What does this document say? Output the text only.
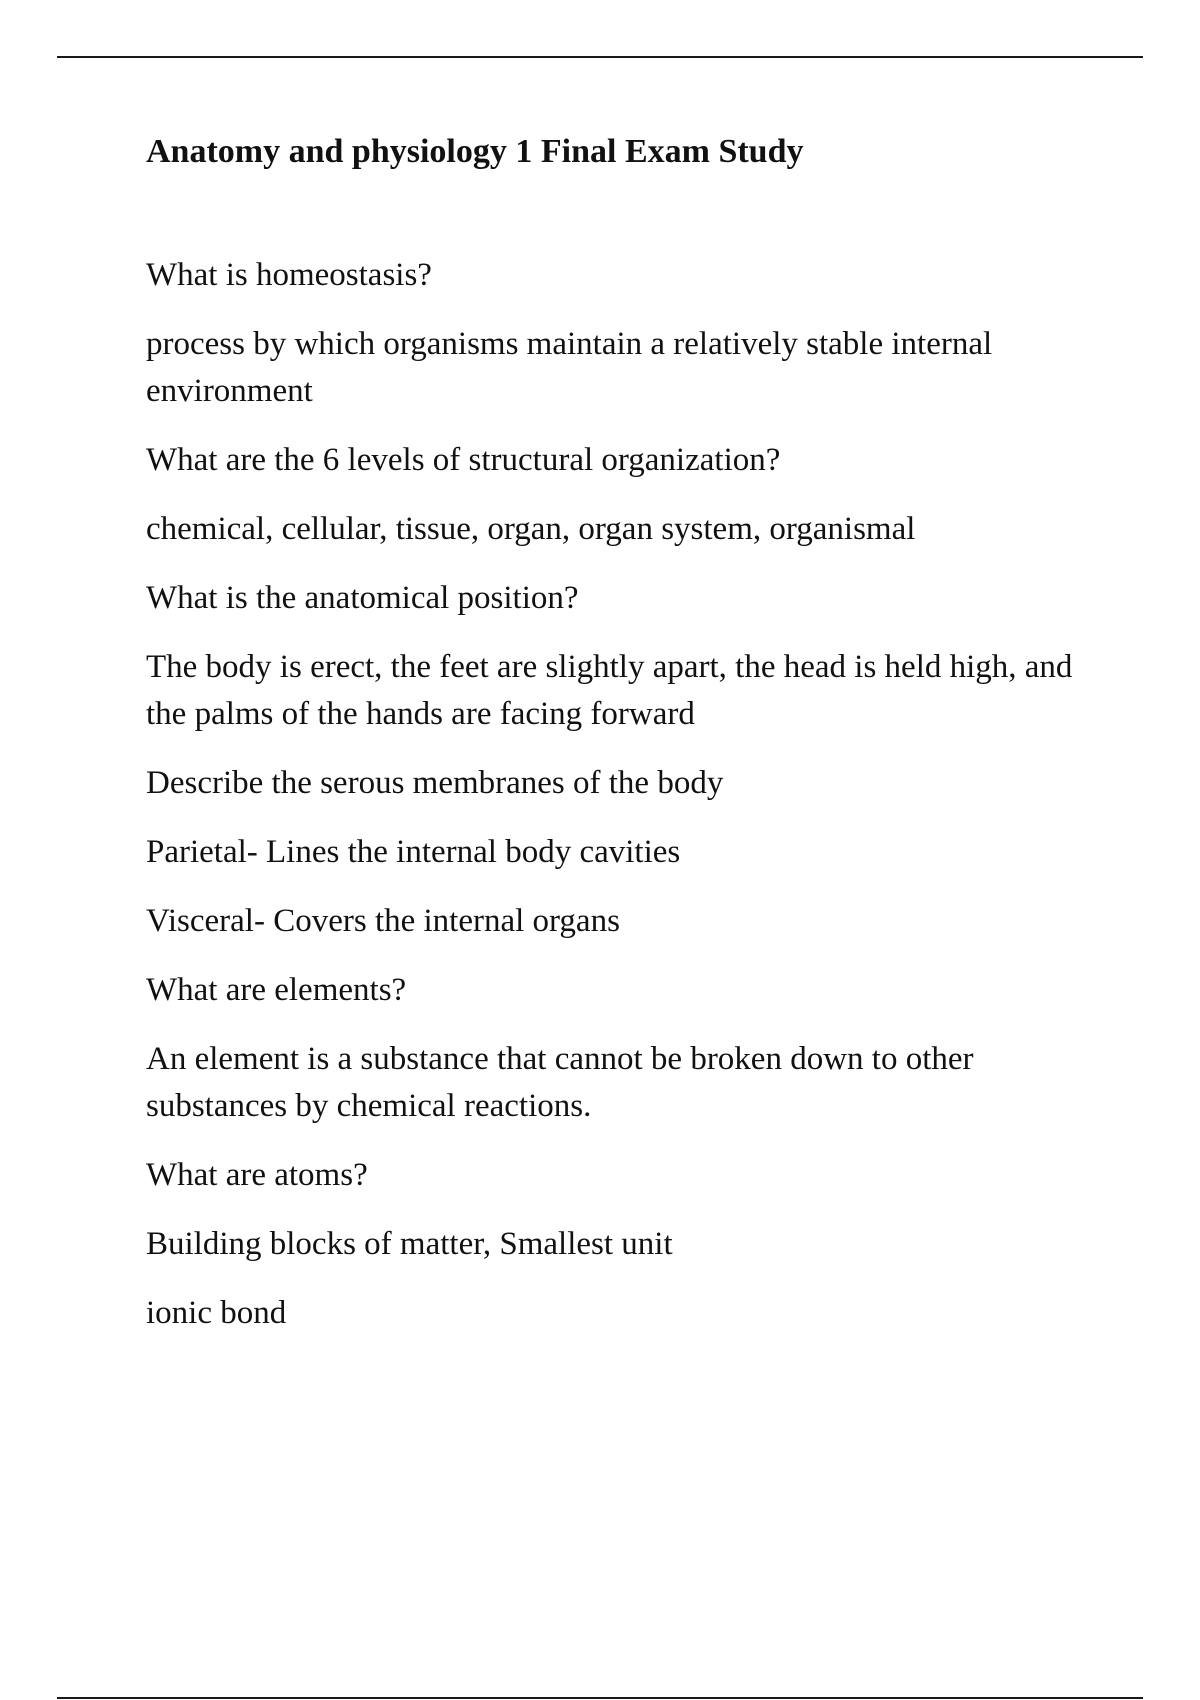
Anatomy and physiology 1 Final Exam Study

What is homeostasis?

process by which organisms maintain a relatively stable internal environment

What are the 6 levels of structural organization?

chemical, cellular, tissue, organ, organ system, organismal

What is the anatomical position?

The body is erect, the feet are slightly apart, the head is held high, and the palms of the hands are facing forward

Describe the serous membranes of the body

Parietal- Lines the internal body cavities

Visceral- Covers the internal organs

What are elements?

An element is a substance that cannot be broken down to other substances by chemical reactions.

What are atoms?

Building blocks of matter, Smallest unit

ionic bond
